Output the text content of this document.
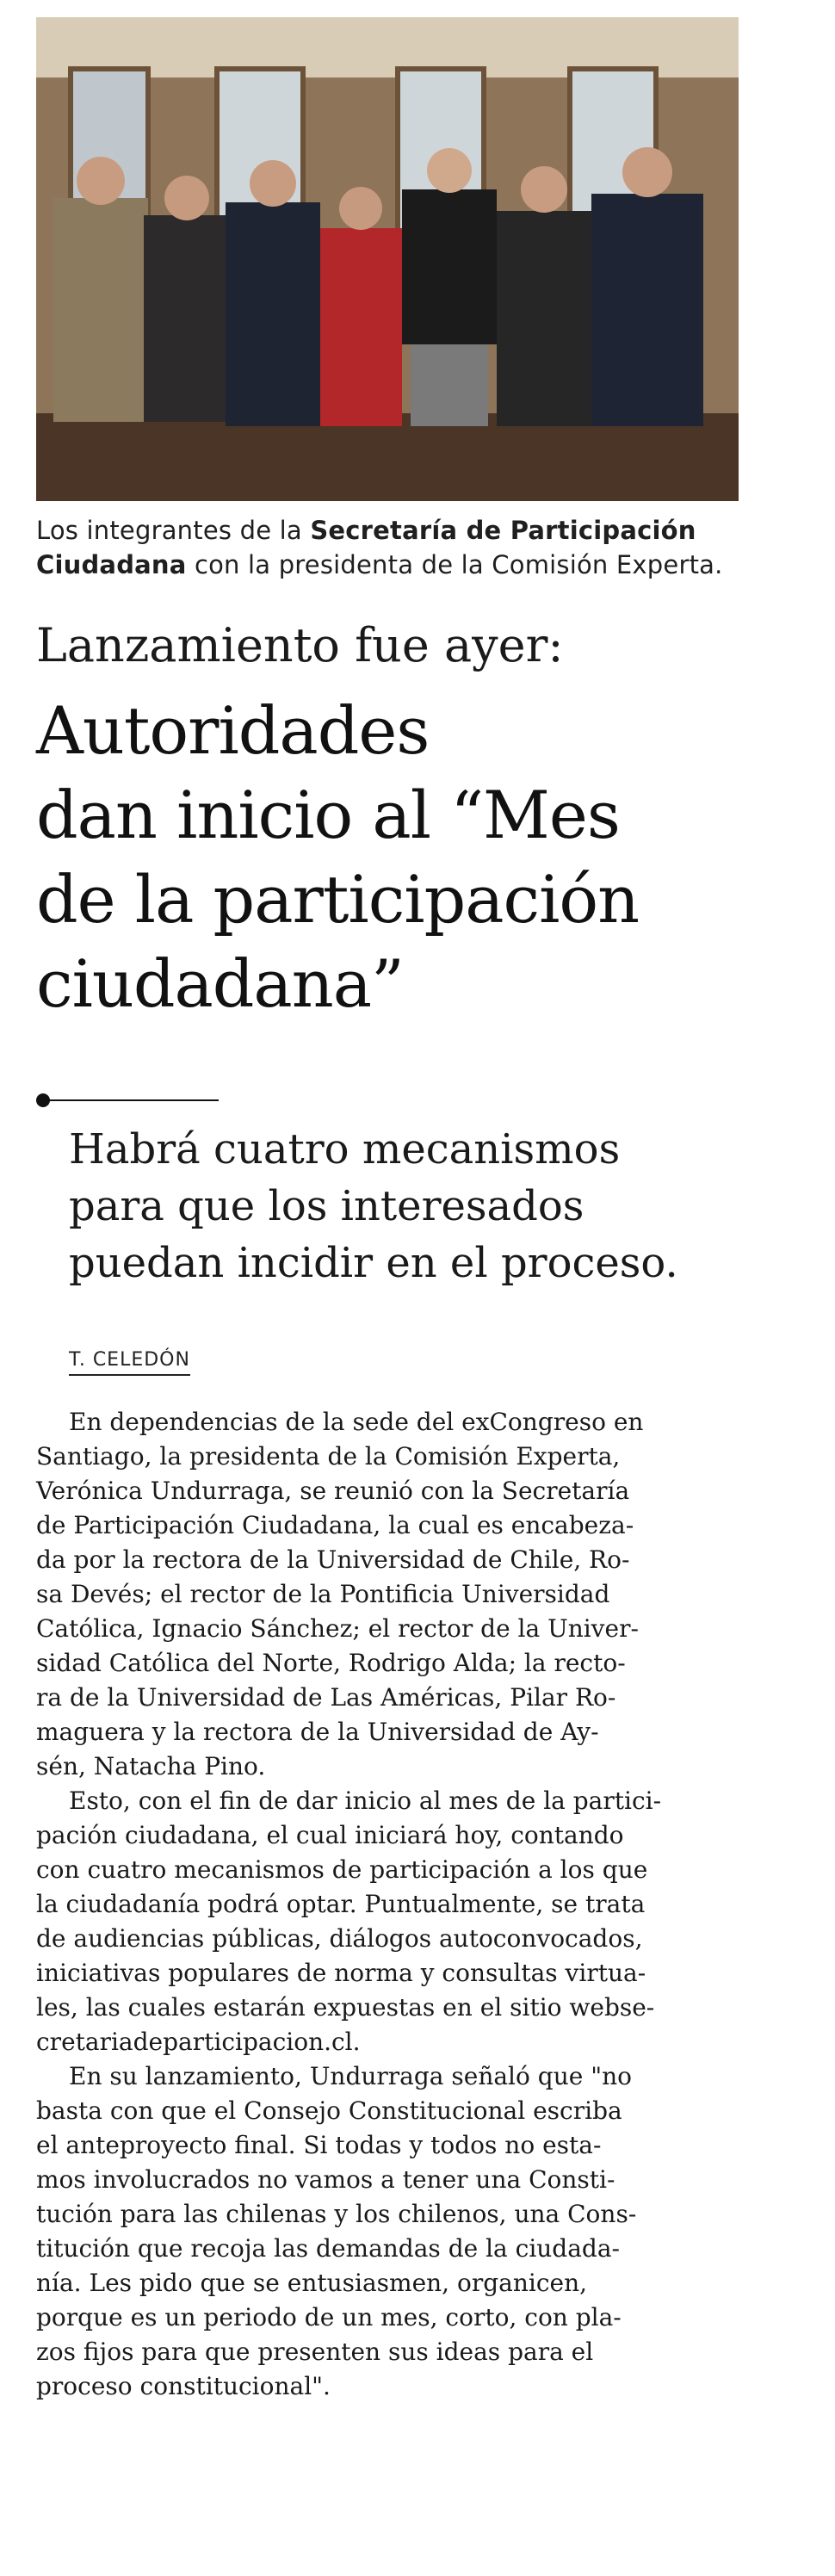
Los integrantes de la Secretaría de Participación Ciudadana con la presidenta de la Comisión Experta.
Lanzamiento fue ayer:
Autoridades
dan inicio al “Mes
de la participación
ciudadana”
Habrá cuatro mecanismos
para que los interesados
puedan incidir en el proceso.
T. CELEDÓN
En dependencias de la sede del exCongreso en
Santiago, la presidenta de la Comisión Experta,
Verónica Undurraga, se reunió con la Secretaría
de Participación Ciudadana, la cual es encabeza-
da por la rectora de la Universidad de Chile, Ro-
sa Devés; el rector de la Pontificia Universidad
Católica, Ignacio Sánchez; el rector de la Univer-
sidad Católica del Norte, Rodrigo Alda; la recto-
ra de la Universidad de Las Américas, Pilar Ro-
maguera y la rectora de la Universidad de Ay-
sén, Natacha Pino.
Esto, con el fin de dar inicio al mes de la partici-
pación ciudadana, el cual iniciará hoy, contando
con cuatro mecanismos de participación a los que
la ciudadanía podrá optar. Puntualmente, se trata
de audiencias públicas, diálogos autoconvocados,
iniciativas populares de norma y consultas virtua-
les, las cuales estarán expuestas en el sitio webse-
cretariadeparticipacion.cl.
En su lanzamiento, Undurraga señaló que "no
basta con que el Consejo Constitucional escriba
el anteproyecto final. Si todas y todos no esta-
mos involucrados no vamos a tener una Consti-
tución para las chilenas y los chilenos, una Cons-
titución que recoja las demandas de la ciudada-
nía. Les pido que se entusiasmen, organicen,
porque es un periodo de un mes, corto, con pla-
zos fijos para que presenten sus ideas para el
proceso constitucional".
